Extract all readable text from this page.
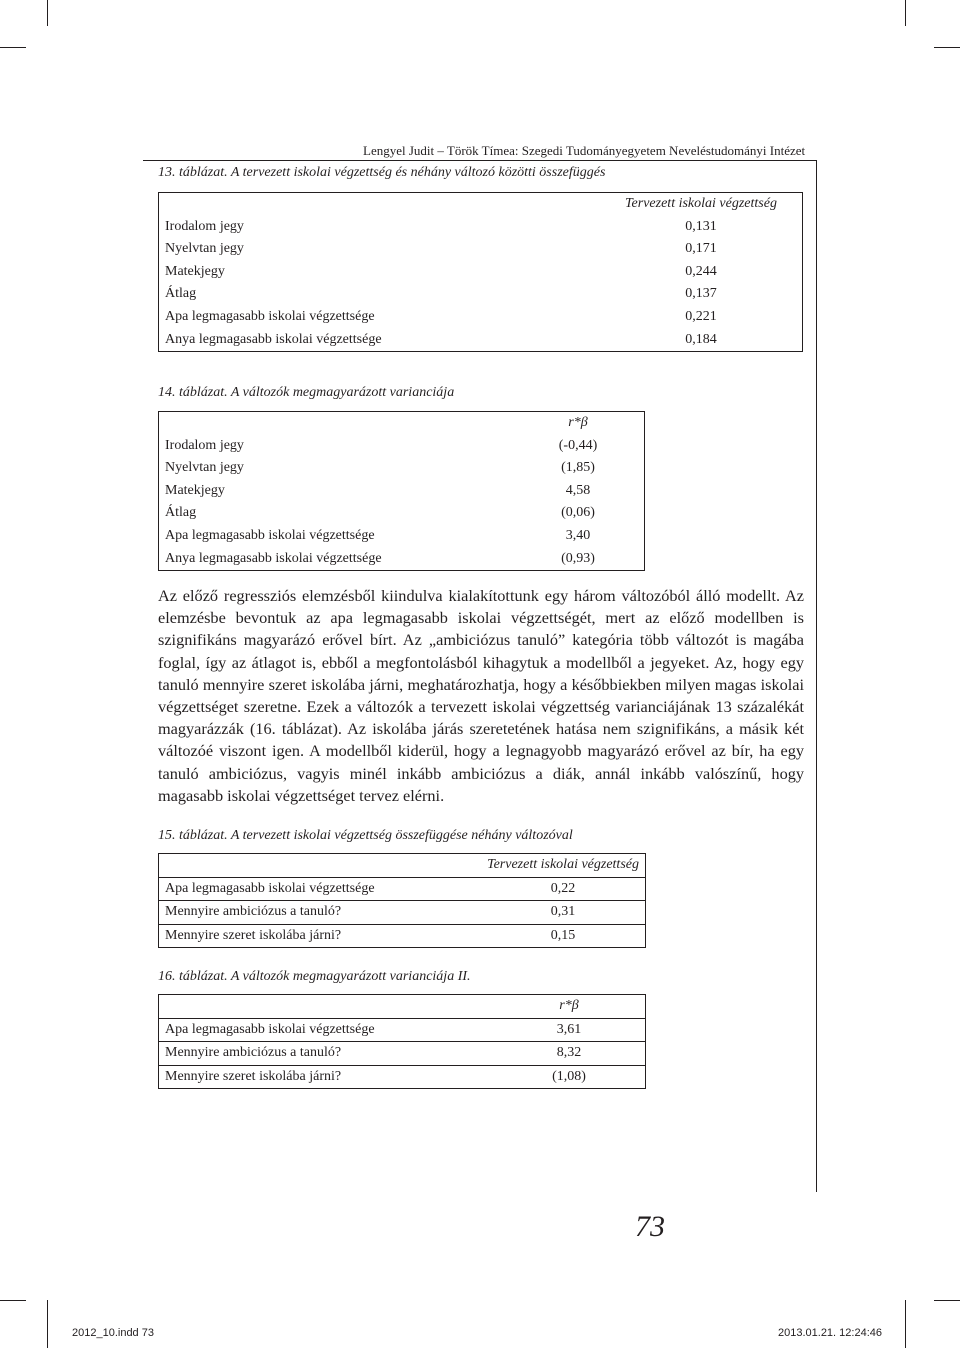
Lengyel Judit – Török Tímea: Szegedi Tudományegyetem Neveléstudományi Intézet
13. táblázat. A tervezett iskolai végzettség és néhány változó közötti összefüggés
	Tervezett iskolai végzettség
Irodalom jegy	0,131
Nyelvtan jegy	0,171
Matekjegy	0,244
Átlag	0,137
Apa legmagasabb iskolai végzettsége	0,221
Anya legmagasabb iskolai végzettsége	0,184
14. táblázat. A változók megmagyarázott varianciája
	r*β
Irodalom jegy	(-0,44)
Nyelvtan jegy	(1,85)
Matekjegy	4,58
Átlag	(0,06)
Apa legmagasabb iskolai végzettsége	3,40
Anya legmagasabb iskolai végzettsége	(0,93)

Az előző regressziós elemzésből kiindulva kialakítottunk egy három változóból álló modellt. Az elemzésbe bevontuk az apa legmagasabb iskolai végzettségét, mert az előző modellben is szignifikáns magyarázó erővel bírt. Az „ambiciózus tanuló” kategória több változót is magába foglal, így az átlagot is, ebből a megfontolásból kihagytuk a modellből a jegyeket. Az, hogy egy tanuló mennyire szeret iskolába járni, meghatározhatja, hogy a későbbiekben milyen magas iskolai végzettséget szeretne. Ezek a változók a tervezett iskolai végzettség varianciájának 13 százalékát magyarázzák (16. táblázat). Az iskolába járás szeretetének hatása nem szignifikáns, a másik két változóé viszont igen. A modellből kiderül, hogy a legnagyobb magyarázó erővel az bír, ha egy tanuló ambiciózus, vagyis minél inkább ambiciózus a diák, annál inkább valószínű, hogy magasabb iskolai végzettséget tervez elérni.

15. táblázat. A tervezett iskolai végzettség összefüggése néhány változóval
	Tervezett iskolai végzettség
Apa legmagasabb iskolai végzettsége	0,22
Mennyire ambiciózus a tanuló?	0,31
Mennyire szeret iskolába járni?	0,15
16. táblázat. A változók megmagyarázott varianciája II.
	r*β
Apa legmagasabb iskolai végzettsége	3,61
Mennyire ambiciózus a tanuló?	8,32
Mennyire szeret iskolába járni?	(1,08)
73
2012_10.indd 73	2013.01.21. 12:24:46
